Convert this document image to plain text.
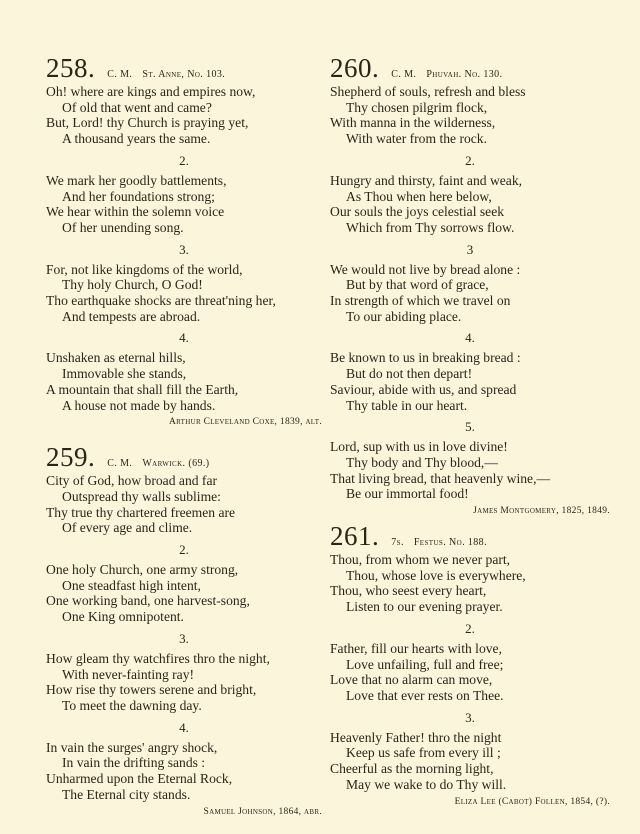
258. C. M. St. Anne, No. 103.
Oh! where are kings and empires now,
Of old that went and came?
But, Lord! thy Church is praying yet,
A thousand years the same.
2.
We mark her goodly battlements,
And her foundations strong;
We hear within the solemn voice
Of her unending song.
3.
For, not like kingdoms of the world,
Thy holy Church, O God!
Tho earthquake shocks are threat'ning her,
And tempests are abroad.
4.
Unshaken as eternal hills,
Immovable she stands,
A mountain that shall fill the Earth,
A house not made by hands.
Arthur Cleveland Coxe, 1839, alt.
259. C. M. Warwick. (69.)
City of God, how broad and far
Outspread thy walls sublime:
Thy true thy chartered freemen are
Of every age and clime.
2.
One holy Church, one army strong,
One steadfast high intent,
One working band, one harvest-song,
One King omnipotent.
3.
How gleam thy watchfires thro the night,
With never-fainting ray!
How rise thy towers serene and bright,
To meet the dawning day.
4.
In vain the surges' angry shock,
In vain the drifting sands :
Unharmed upon the Eternal Rock,
The Eternal city stands.
Samuel Johnson, 1864, abr.
260. C. M. Phuvah. No. 130.
Shepherd of souls, refresh and bless
Thy chosen pilgrim flock,
With manna in the wilderness,
With water from the rock.
2.
Hungry and thirsty, faint and weak,
As Thou when here below,
Our souls the joys celestial seek
Which from Thy sorrows flow.
3
We would not live by bread alone :
But by that word of grace,
In strength of which we travel on
To our abiding place.
4.
Be known to us in breaking bread :
But do not then depart!
Saviour, abide with us, and spread
Thy table in our heart.
5.
Lord, sup with us in love divine!
Thy body and Thy blood,—
That living bread, that heavenly wine,—
Be our immortal food!
James Montgomery, 1825, 1849.
261. 7s. Festus. No. 188.
Thou, from whom we never part,
Thou, whose love is everywhere,
Thou, who seest every heart,
Listen to our evening prayer.
2.
Father, fill our hearts with love,
Love unfailing, full and free;
Love that no alarm can move,
Love that ever rests on Thee.
3.
Heavenly Father! thro the night
Keep us safe from every ill ;
Cheerful as the morning light,
May we wake to do Thy will.
Eliza Lee (Cabot) Follen, 1854, (?).
